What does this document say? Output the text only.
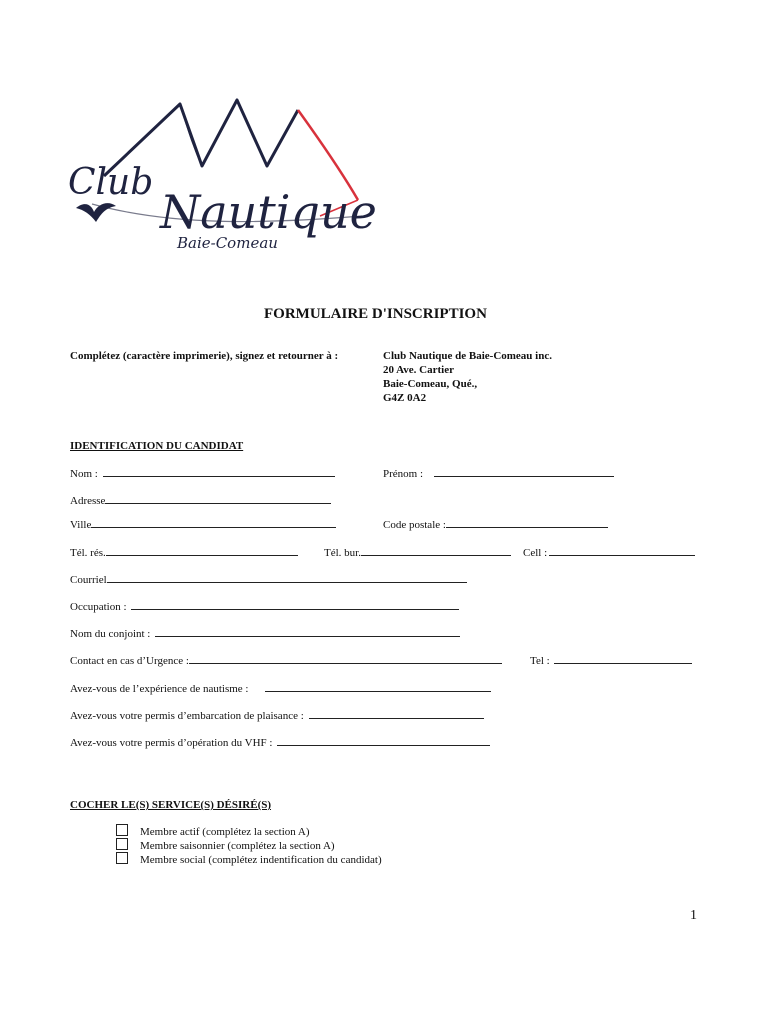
Club
Nautique
Baie-Comeau
FORMULAIRE D'INSCRIPTION
Complétez (caractère imprimerie), signez et retourner à :	Club Nautique de Baie-Comeau inc.
20 Ave. Cartier
Baie-Comeau, Qué.,
G4Z 0A2
IDENTIFICATION DU CANDIDAT
Nom :	Prénom :
Adresse
Ville	Code postale :
Tél. rés.	Tél. bur.	Cell :
Courriel
Occupation :
Nom du conjoint :
Contact en cas d’Urgence :	Tel :
Avez-vous de l’expérience de nautisme :
Avez-vous votre permis d’embarcation de plaisance :
Avez-vous votre permis d’opération du VHF :
COCHER LE(S) SERVICE(S) DÉSIRÉ(S)
Membre actif (complétez la section A)
Membre saisonnier (complétez la section A)
Membre social (complétez indentification du candidat)
1
